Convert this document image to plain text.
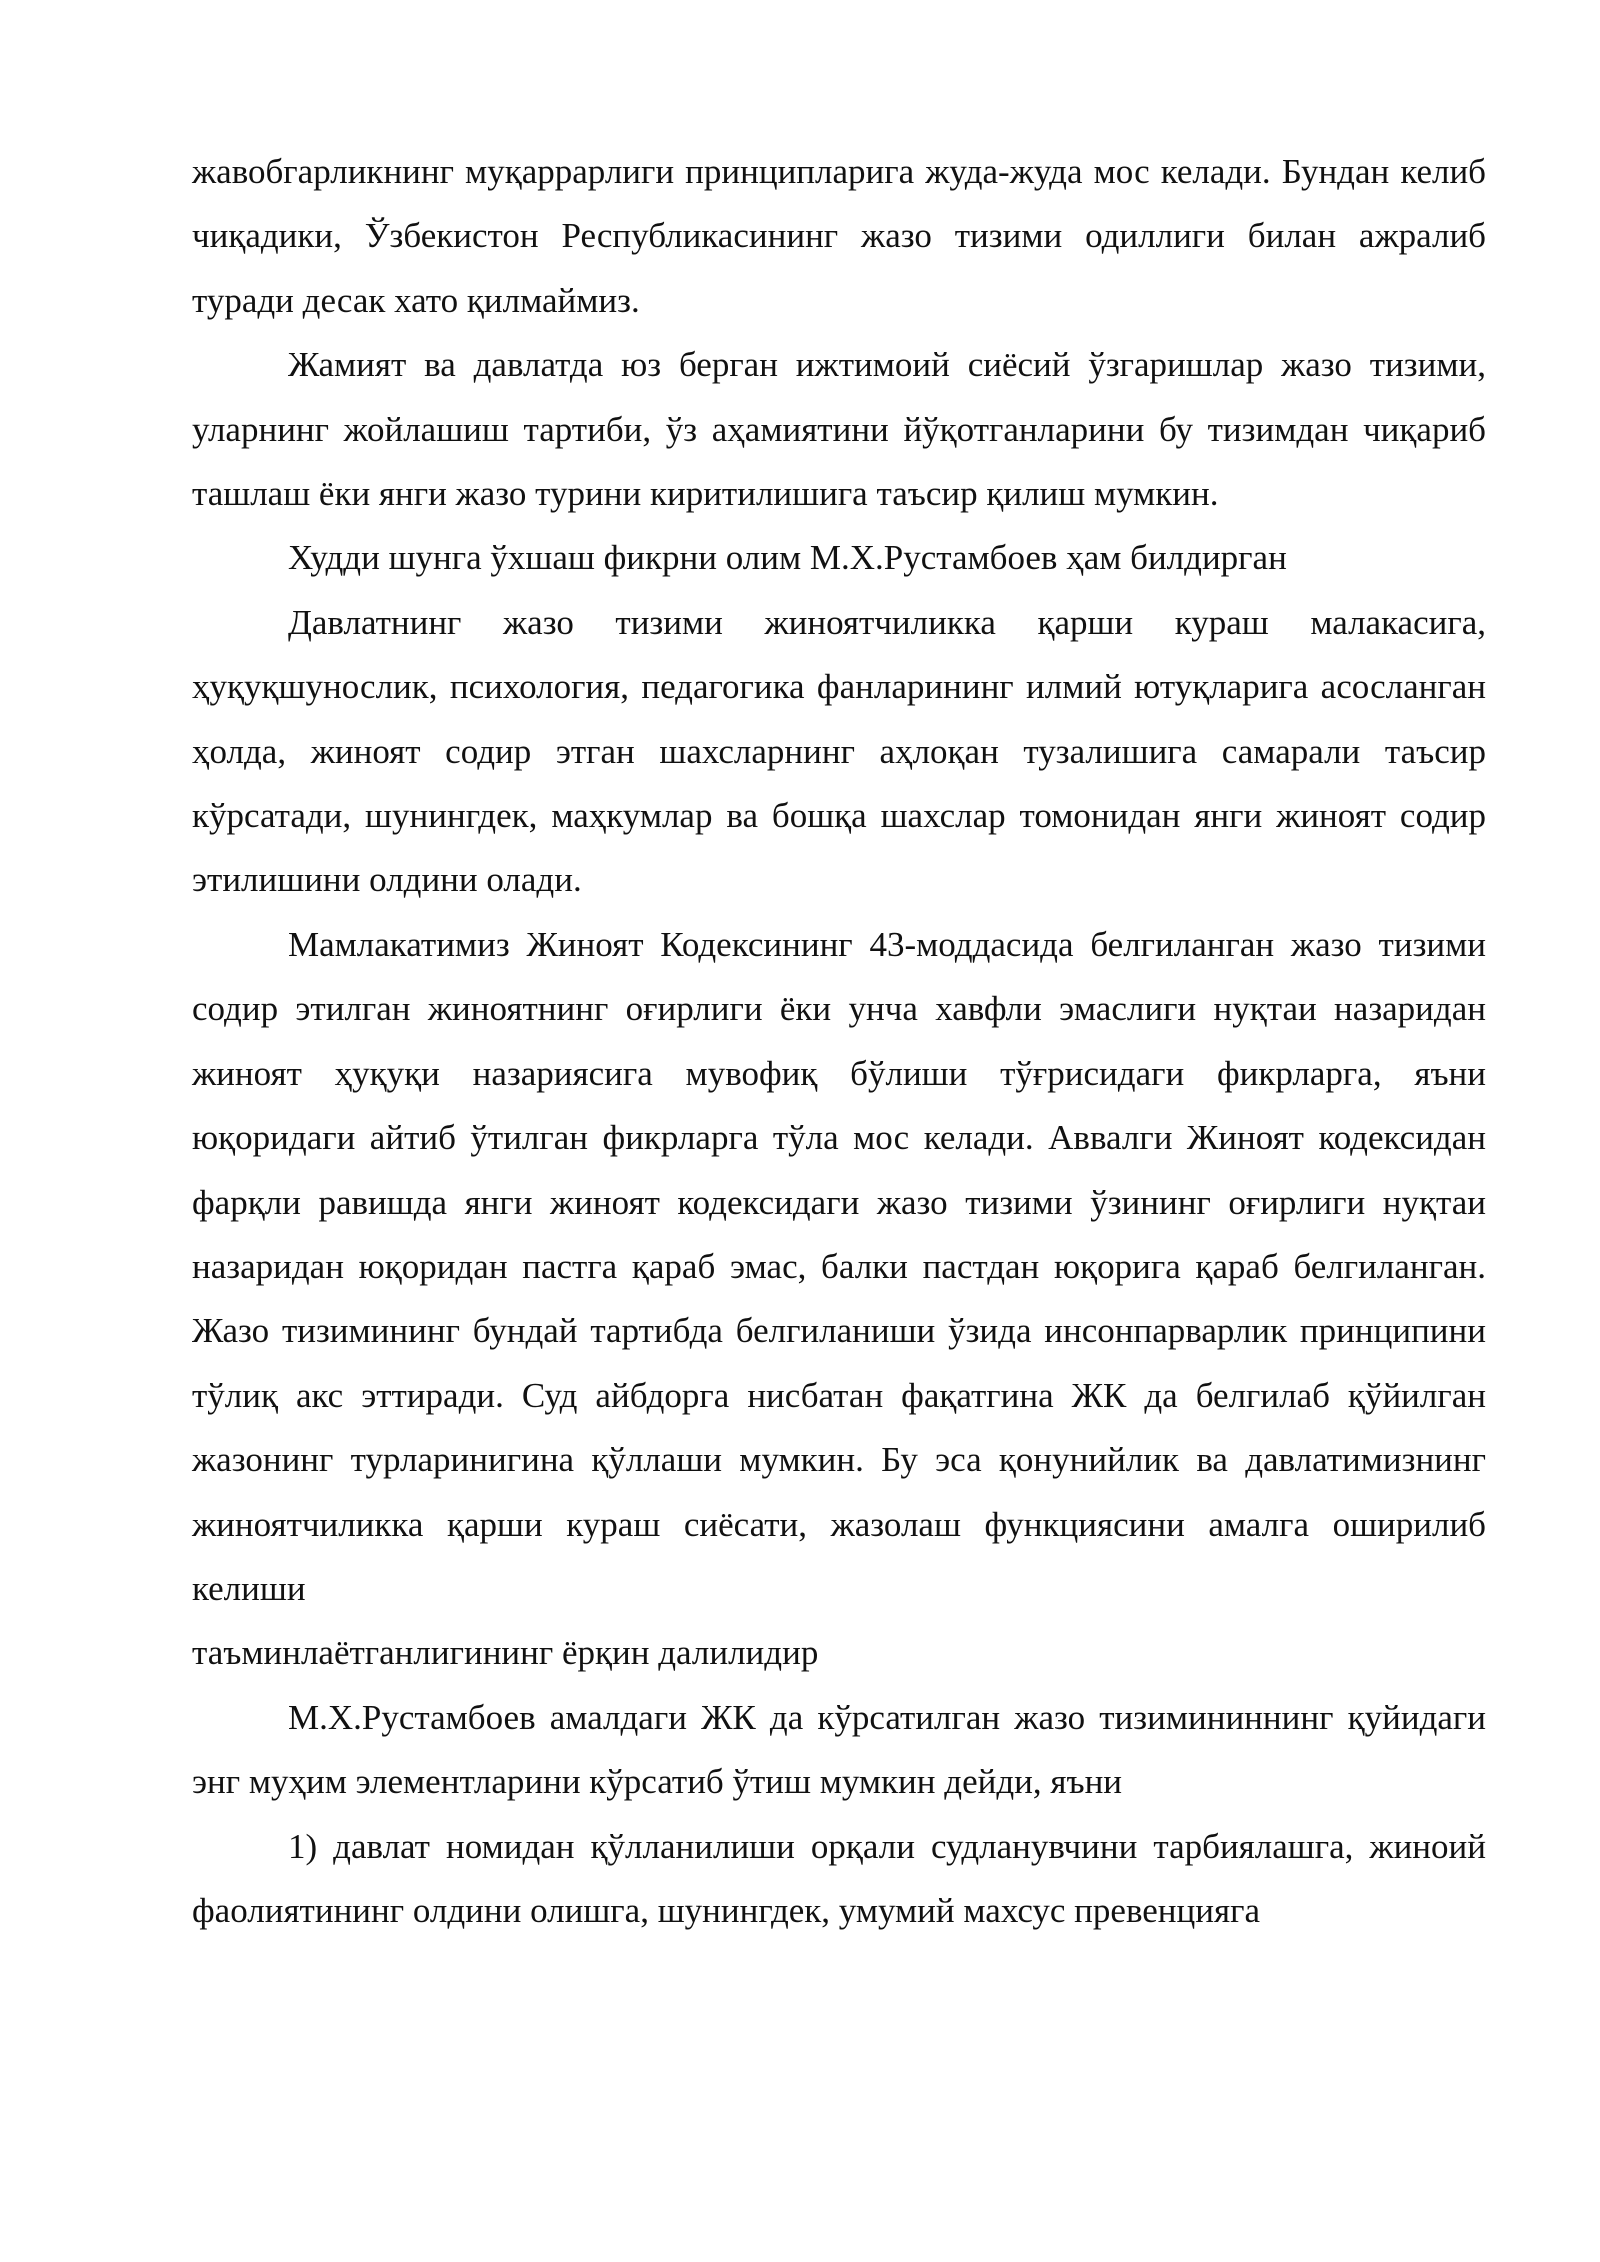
жавобгарликнинг муқаррарлиги принципларига жуда-жуда мос келади. Бундан келиб чиқадики, Ўзбекистон Республикасининг жазо тизими одиллиги билан ажралиб туради десак хато қилмаймиз.

Жамият ва давлатда юз берган ижтимоий сиёсий ўзгаришлар жазо тизими, уларнинг жойлашиш тартиби, ўз аҳамиятини йўқотганларини бу тизимдан чиқариб ташлаш ёки янги жазо турини киритилишига таъсир қилиш мумкин.

Худди шунга ўхшаш фикрни олим М.Х.Рустамбоев ҳам билдирган

Давлатнинг жазо тизими жиноятчиликка қарши кураш малакасига, ҳуқуқшунослик, психология, педагогика фанларининг илмий ютуқларига асосланган ҳолда, жиноят содир этган шахсларнинг аҳлоқан тузалишига самарали таъсир кўрсатади, шунингдек, маҳкумлар ва бошқа шахслар томонидан янги жиноят содир этилишини олдини олади.

Мамлакатимиз Жиноят Кодексининг 43-моддасида белгиланган жазо тизими содир этилган жиноятнинг оғирлиги ёки унча хавфли эмаслиги нуқтаи назаридан жиноят ҳуқуқи назариясига мувофиқ бўлиши тўғрисидаги фикрларга, яъни юқоридаги айтиб ўтилган фикрларга тўла мос келади. Аввалги Жиноят кодексидан фарқли равишда янги жиноят кодексидаги жазо тизими ўзининг оғирлиги нуқтаи назаридан юқоридан пастга қараб эмас, балки пастдан юқорига қараб белгиланган. Жазо тизимининг бундай тартибда белгиланиши ўзида инсонпарварлик принципини тўлиқ акс эттиради. Суд айбдорга нисбатан фақатгина ЖК да белгилаб қўйилган жазонинг турларинигина қўллаши мумкин. Бу эса қонунийлик ва давлатимизнинг жиноятчиликка қарши кураш сиёсати, жазолаш функциясини амалга оширилиб келиши

таъминлаётганлигининг ёрқин далилидир

М.Х.Рустамбоев амалдаги ЖК да кўрсатилган жазо тизимининнинг қуйидаги энг муҳим элементларини кўрсатиб ўтиш мумкин дейди, яъни

1) давлат номидан қўлланилиши орқали судланувчини тарбиялашга, жиноий фаолиятининг олдини олишга, шунингдек, умумий махсус превенцияга
